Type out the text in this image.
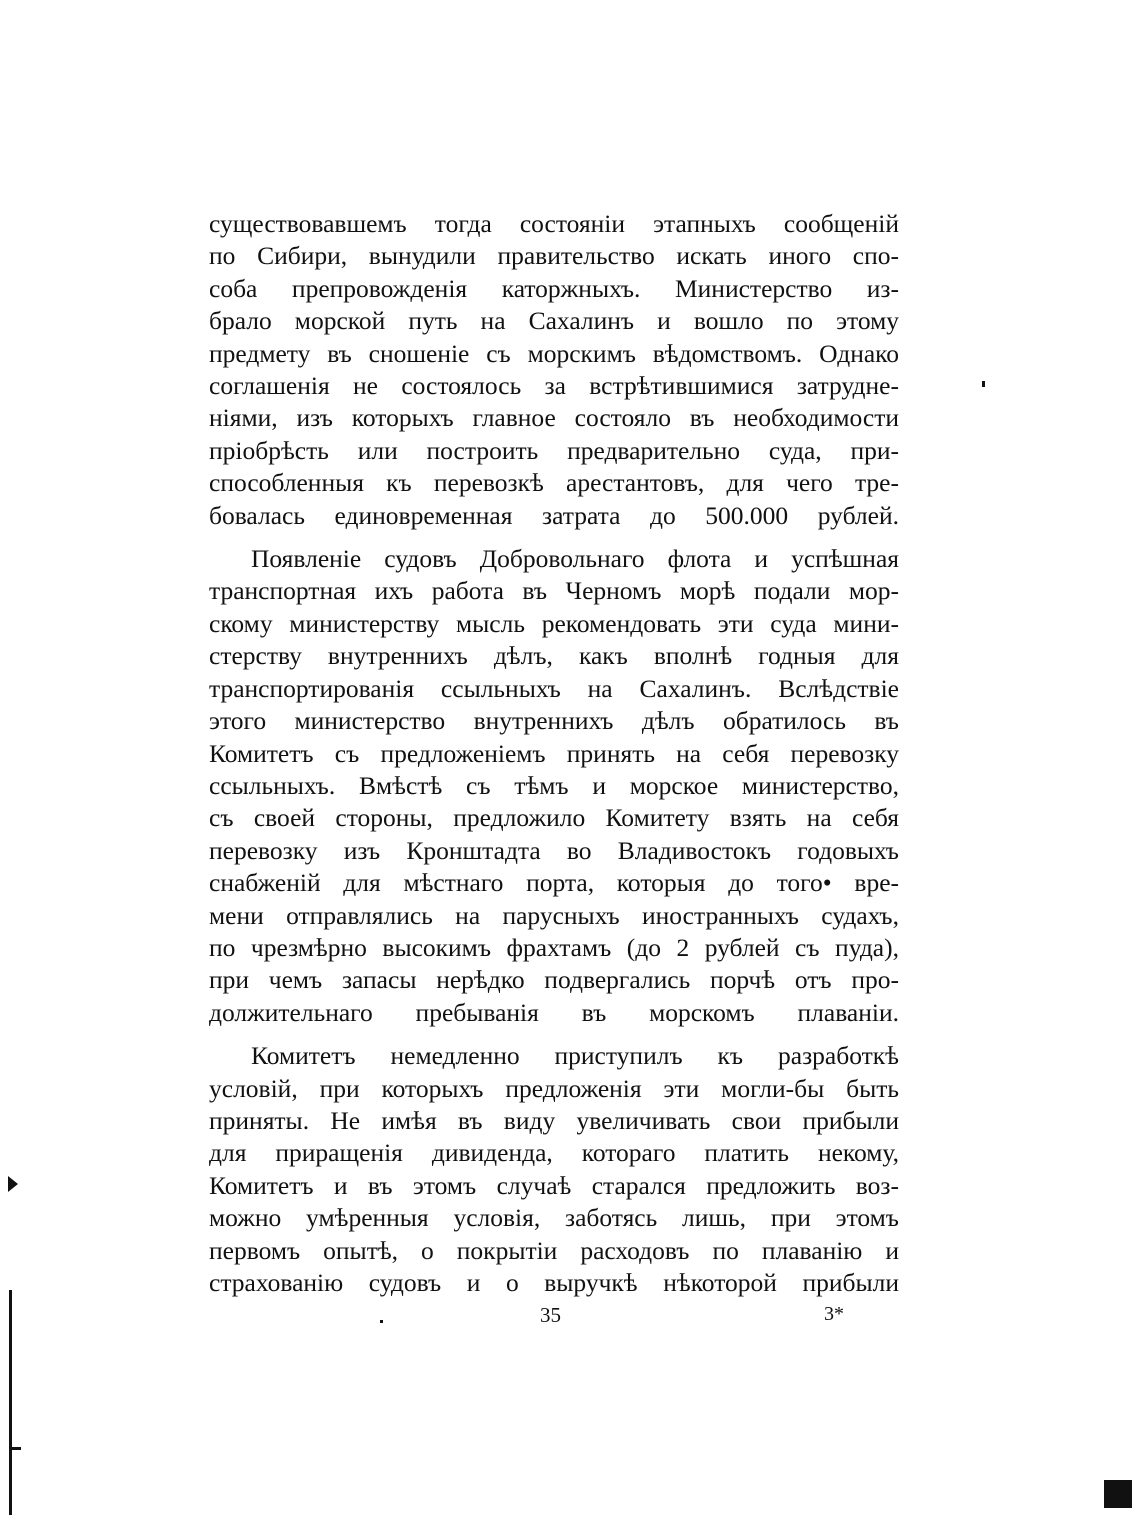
существовавшемъ тогда состояніи этапныхъ сообщеній
по Сибири, вынудили правительство искать иного спо-
соба препровожденія каторжныхъ. Министерство из-
брало морской путь на Сахалинъ и вошло по этому
предмету въ сношеніе съ морскимъ вѣдомствомъ. Однако
соглашенія не состоялось за встрѣтившимися затрудне-
ніями, изъ которыхъ главное состояло въ необходимости
пріобрѣсть или построить предварительно суда, при-
способленныя къ перевозкѣ арестантовъ, для чего тре-
бовалась единовременная затрата до 500.000 рублей.

Появленіе судовъ Добровольнаго флота и успѣшная
транспортная ихъ работа въ Черномъ морѣ подали мор-
скому министерству мысль рекомендовать эти суда мини-
стерству внутреннихъ дѣлъ, какъ вполнѣ годныя для
транспортированія ссыльныхъ на Сахалинъ. Вслѣдствіе
этого министерство внутреннихъ дѣлъ обратилось въ
Комитетъ съ предложеніемъ принять на себя перевозку
ссыльныхъ. Вмѣстѣ съ тѣмъ и морское министерство,
съ своей стороны, предложило Комитету взять на себя
перевозку изъ Кронштадта во Владивостокъ годовыхъ
снабженій для мѣстнаго порта, которыя до того• вре-
мени отправлялись на парусныхъ иностранныхъ судахъ,
по чрезмѣрно высокимъ фрахтамъ (до 2 рублей съ пуда),
при чемъ запасы нерѣдко подвергались порчѣ отъ про-
должительнаго пребыванія въ морскомъ плаваніи.

Комитетъ немедленно приступилъ къ разработкѣ
условій, при которыхъ предложенія эти могли-бы быть
приняты. Не имѣя въ виду увеличивать свои прибыли
для приращенія дивиденда, котораго платить некому,
Комитетъ и въ этомъ случаѣ старался предложить воз-
можно умѣренныя условія, заботясь лишь, при этомъ
первомъ опытѣ, о покрытіи расходовъ по плаванію и
страхованію судовъ и о выручкѣ нѣкоторой прибыли

35	3*
